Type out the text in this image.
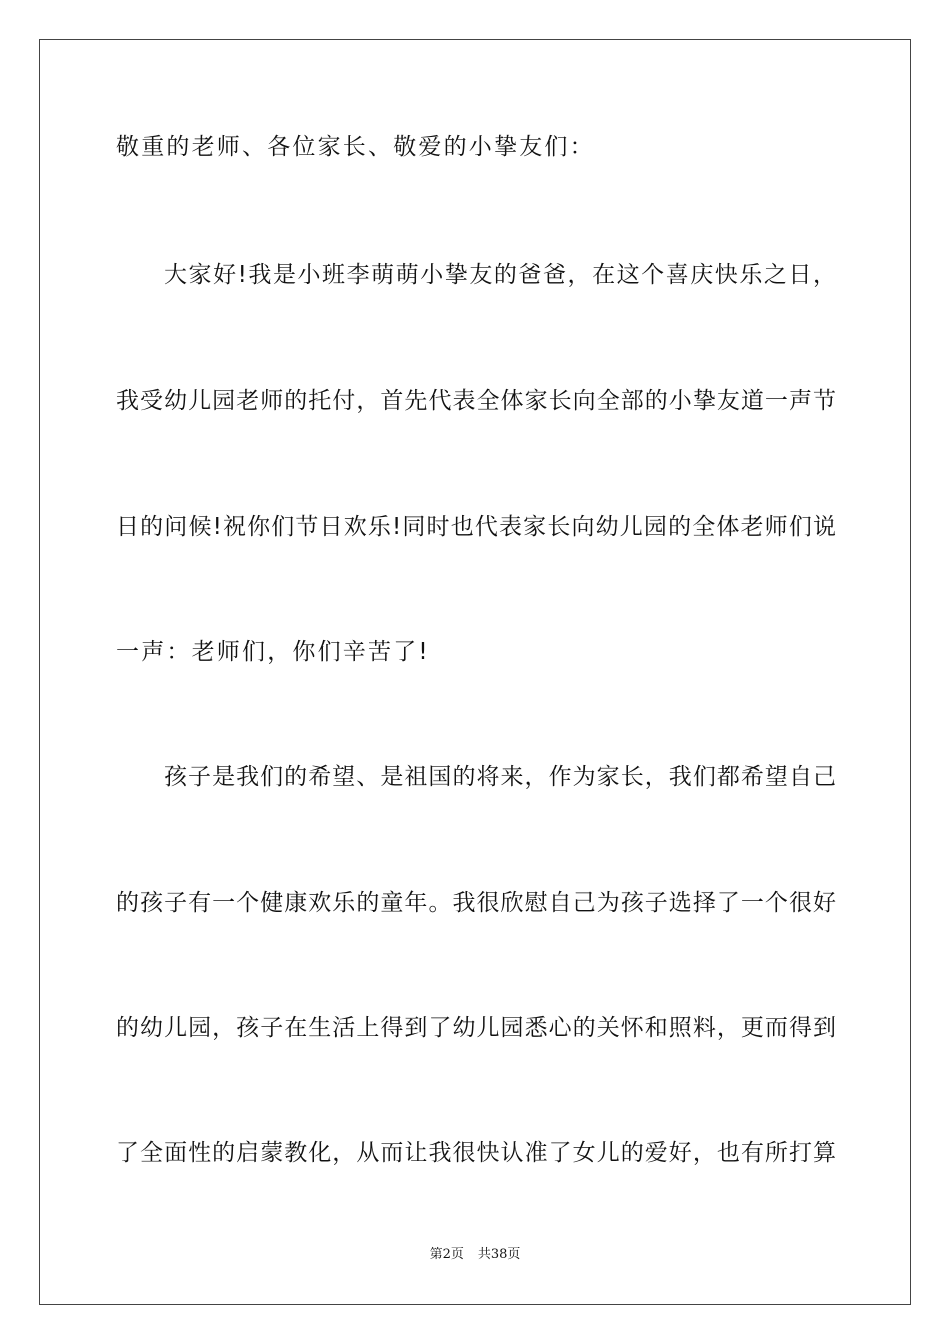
敬重的老师、各位家长、敬爱的小挚友们：
大家好!我是小班李萌萌小挚友的爸爸，在这个喜庆快乐之日，
我受幼儿园老师的托付，首先代表全体家长向全部的小挚友道一声节
日的问候!祝你们节日欢乐!同时也代表家长向幼儿园的全体老师们说
一声：老师们，你们辛苦了!
孩子是我们的希望、是祖国的将来，作为家长，我们都希望自己
的孩子有一个健康欢乐的童年。我很欣慰自己为孩子选择了一个很好
的幼儿园，孩子在生活上得到了幼儿园悉心的关怀和照料，更而得到
了全面性的启蒙教化，从而让我很快认准了女儿的爱好，也有所打算
第2页 共38页
